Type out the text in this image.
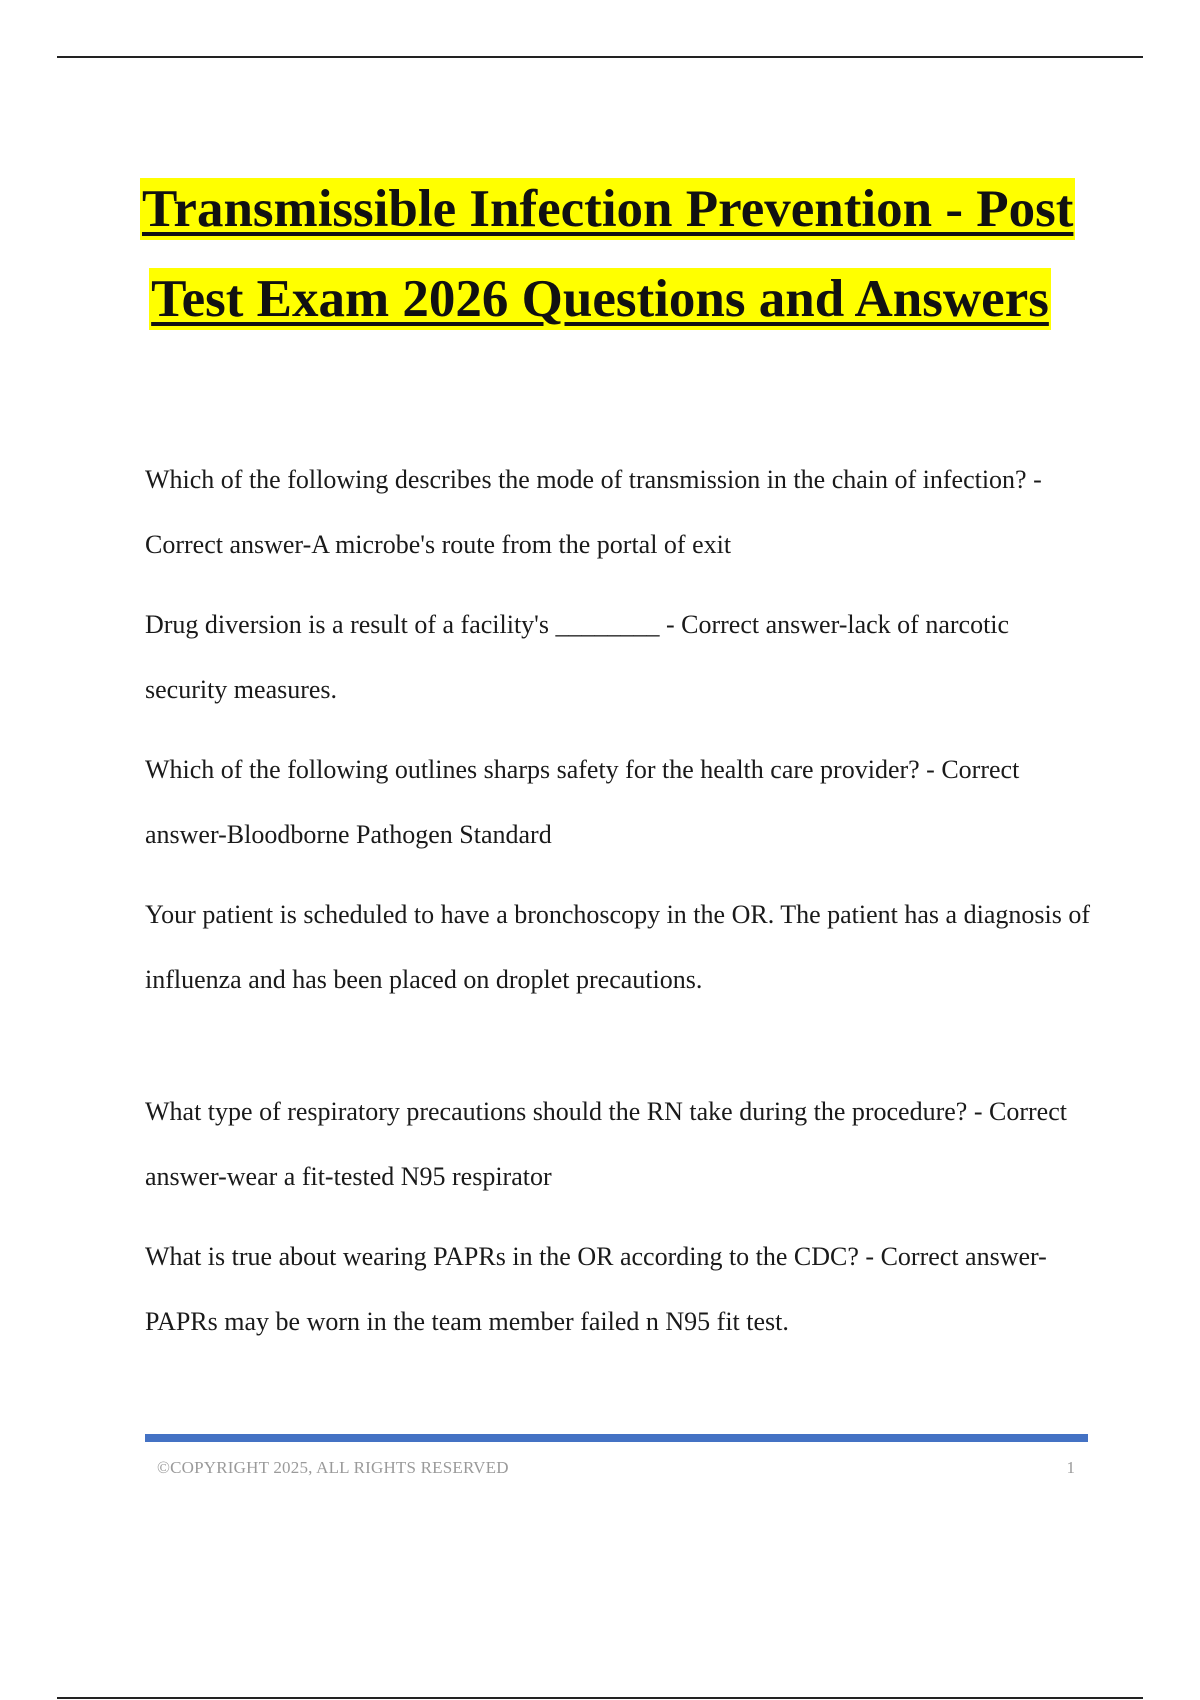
Transmissible Infection Prevention - Post
Test Exam 2026 Questions and Answers

Which of the following describes the mode of transmission in the chain of infection? - Correct answer-A microbe's route from the portal of exit

Drug diversion is a result of a facility's ________ - Correct answer-lack of narcotic security measures.

Which of the following outlines sharps safety for the health care provider? - Correct answer-Bloodborne Pathogen Standard

Your patient is scheduled to have a bronchoscopy in the OR. The patient has a diagnosis of influenza and has been placed on droplet precautions.

What type of respiratory precautions should the RN take during the procedure? - Correct answer-wear a fit-tested N95 respirator

What is true about wearing PAPRs in the OR according to the CDC? - Correct answer-PAPRs may be worn in the team member failed n N95 fit test.

©COPYRIGHT 2025, ALL RIGHTS RESERVED	1
